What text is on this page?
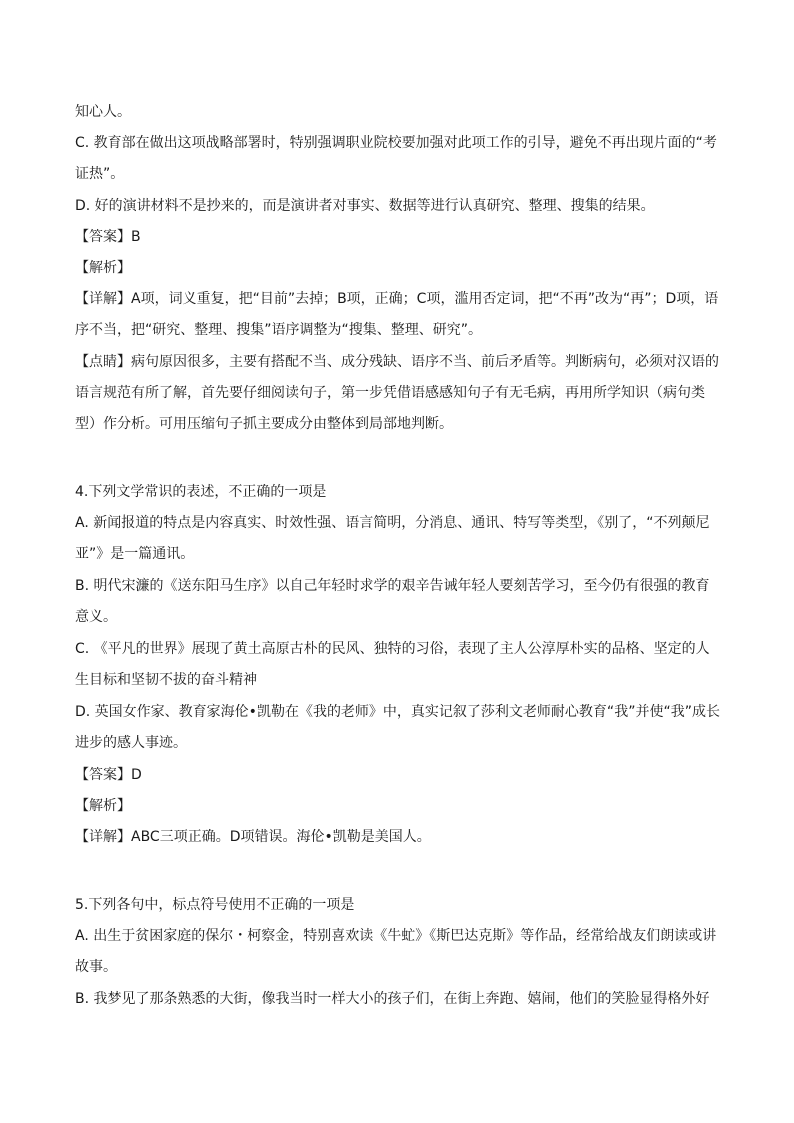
知心人。

C. 教育部在做出这项战略部署时，特别强调职业院校要加强对此项工作的引导，避免不再出现片面的“考证热”。

D. 好的演讲材料不是抄来的，而是演讲者对事实、数据等进行认真研究、整理、搜集的结果。

【答案】B

【解析】

【详解】A项，词义重复，把“目前”去掉；B项，正确；C项，滥用否定词，把“不再”改为“再”；D项，语序不当，把“研究、整理、搜集”语序调整为“搜集、整理、研究”。

【点睛】病句原因很多，主要有搭配不当、成分残缺、语序不当、前后矛盾等。判断病句，必须对汉语的语言规范有所了解，首先要仔细阅读句子，第一步凭借语感感知句子有无毛病，再用所学知识（病句类型）作分析。可用压缩句子抓主要成分由整体到局部地判断。

4.下列文学常识的表述，不正确的一项是

A. 新闻报道的特点是内容真实、时效性强、语言简明，分消息、通讯、特写等类型，《别了，“不列颠尼亚”》是一篇通讯。

B. 明代宋濂的《送东阳马生序》以自己年轻时求学的艰辛告诫年轻人要刻苦学习，至今仍有很强的教育意义。

C. 《平凡的世界》展现了黄土高原古朴的民风、独特的习俗，表现了主人公淳厚朴实的品格、坚定的人生目标和坚韧不拔的奋斗精神

D. 英国女作家、教育家海伦•凯勒在《我的老师》中，真实记叙了莎利文老师耐心教育“我”并使“我”成长进步的感人事迹。

【答案】D

【解析】

【详解】ABC三项正确。D项错误。海伦•凯勒是美国人。

5.下列各句中，标点符号使用不正确的一项是

A. 出生于贫困家庭的保尔・柯察金，特别喜欢读《牛虻》《斯巴达克斯》等作品，经常给战友们朗读或讲故事。

B. 我梦见了那条熟悉的大街，像我当时一样大小的孩子们，在街上奔跑、嬉闹，他们的笑脸显得格外好
